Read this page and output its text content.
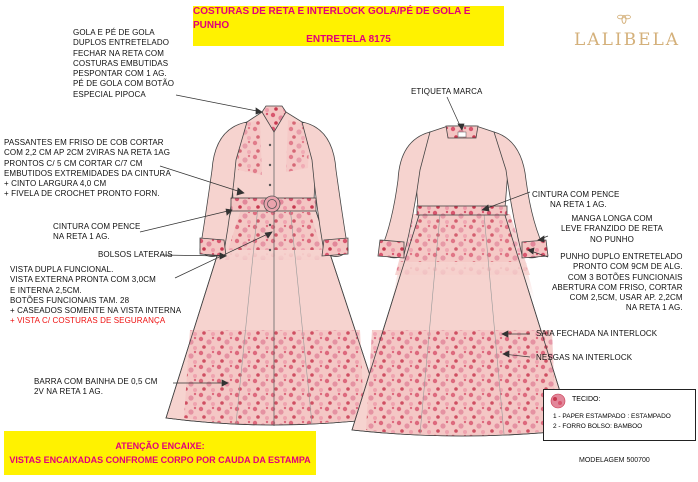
COSTURAS DE RETA E INTERLOCK GOLA/PÉ DE GOLA E PUNHO
ENTRETELA 8175	LALIBELA
GOLA E PÉ DE GOLA
DUPLOS ENTRETELADO
FECHAR NA RETA COM
COSTURAS EMBUTIDAS
PESPONTAR COM 1 AG.
PÉ DE GOLA COM BOTÃO
ESPECIAL PIPOCA
PASSANTES EM FRISO DE COB CORTAR
COM 2,2 CM AP 2CM 2VIRAS NA RETA 1AG
PRONTOS C/ 5 CM CORTAR C/7 CM
EMBUTIDOS EXTREMIDADES DA CINTURA
+ CINTO LARGURA 4,0 CM
+ FIVELA DE CROCHET PRONTO FORN.
CINTURA COM PENCE
NA RETA 1 AG.
BOLSOS LATERAIS
VISTA DUPLA FUNCIONAL.
VISTA EXTERNA PRONTA COM 3,0CM
E INTERNA 2,5CM.
BOTÕES FUNCIONAIS TAM. 28
+ CASEADOS SOMENTE NA VISTA INTERNA
+ VISTA C/ COSTURAS DE SEGURANÇA
BARRA COM BAINHA DE 0,5 CM
2V NA RETA 1 AG.
ETIQUETA MARCA
CINTURA COM PENCE
NA RETA 1 AG.
MANGA LONGA COM
LEVE FRANZIDO DE RETA
NO PUNHO
PUNHO DUPLO ENTRETELADO
PRONTO COM 9CM DE ALG.
COM 3 BOTÕES FUNCIONAIS
ABERTURA COM FRISO, CORTAR
COM 2,5CM, USAR AP. 2,2CM
NA RETA 1 AG.
SAIA FECHADA NA INTERLOCK
NESGAS NA INTERLOCK
ATENÇÃO ENCAIXE:
VISTAS ENCAIXADAS CONFROME CORPO POR CAUDA DA ESTAMPA
TECIDO:
1 - PAPER ESTAMPADO : ESTAMPADO
2 - FORRO BOLSO: BAMBOO
MODELAGEM 500700
